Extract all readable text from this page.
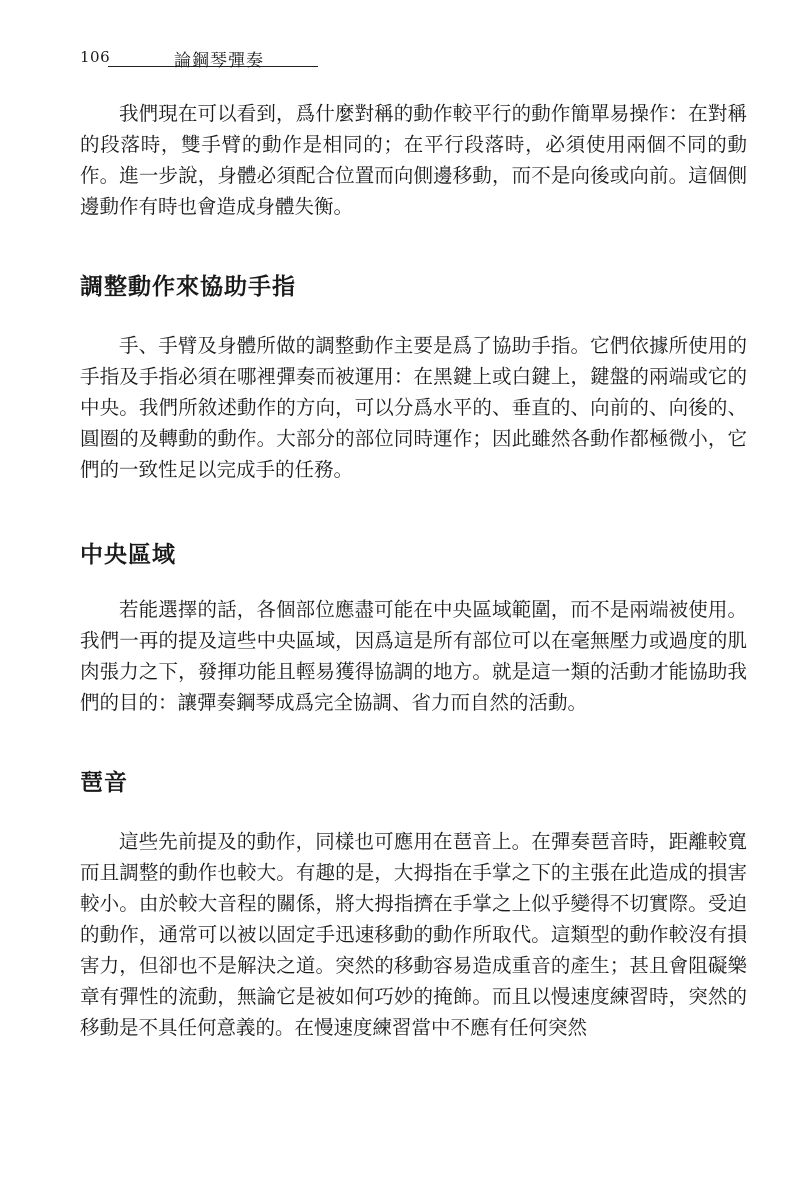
106	論鋼琴彈奏

我們現在可以看到，爲什麼對稱的動作較平行的動作簡單易操作：在對稱的段落時，雙手臂的動作是相同的；在平行段落時，必須使用兩個不同的動作。進一步說，身體必須配合位置而向側邊移動，而不是向後或向前。這個側邊動作有時也會造成身體失衡。

調整動作來協助手指

手、手臂及身體所做的調整動作主要是爲了協助手指。它們依據所使用的手指及手指必須在哪裡彈奏而被運用：在黑鍵上或白鍵上，鍵盤的兩端或它的中央。我們所敘述動作的方向，可以分爲水平的、垂直的、向前的、向後的、圓圈的及轉動的動作。大部分的部位同時運作；因此雖然各動作都極微小，它們的一致性足以完成手的任務。

中央區域

若能選擇的話，各個部位應盡可能在中央區域範圍，而不是兩端被使用。我們一再的提及這些中央區域，因爲這是所有部位可以在毫無壓力或過度的肌肉張力之下，發揮功能且輕易獲得協調的地方。就是這一類的活動才能協助我們的目的：讓彈奏鋼琴成爲完全協調、省力而自然的活動。

琶音

這些先前提及的動作，同樣也可應用在琶音上。在彈奏琶音時，距離較寬而且調整的動作也較大。有趣的是，大拇指在手掌之下的主張在此造成的損害較小。由於較大音程的關係，將大拇指擠在手掌之上似乎變得不切實際。受迫的動作，通常可以被以固定手迅速移動的動作所取代。這類型的動作較沒有損害力，但卻也不是解決之道。突然的移動容易造成重音的產生；甚且會阻礙樂章有彈性的流動，無論它是被如何巧妙的掩飾。而且以慢速度練習時，突然的移動是不具任何意義的。在慢速度練習當中不應有任何突然
